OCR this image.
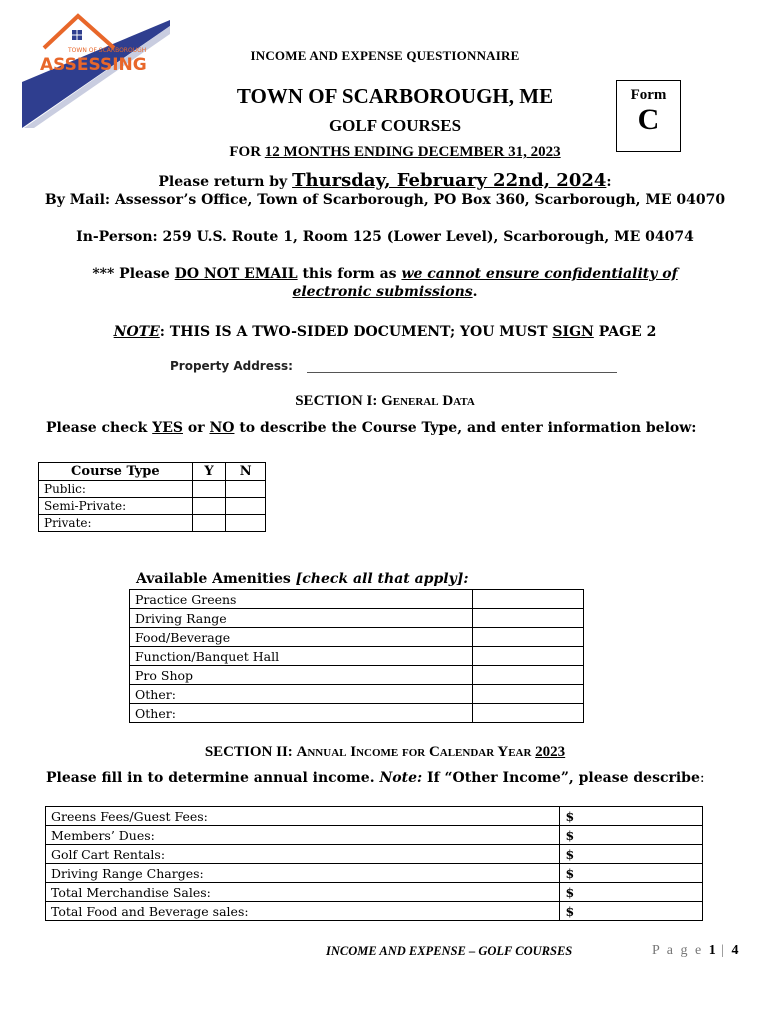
TOWN OF SCARBOROUGH
ASSESSING	INCOME AND EXPENSE QUESTIONNAIRE
TOWN OF SCARBOROUGH, ME
GOLF COURSES
FOR 12 MONTHS ENDING DECEMBER 31, 2023
Form
C
Please return by Thursday, February 22nd, 2024:
By Mail: Assessor’s Office, Town of Scarborough, PO Box 360, Scarborough, ME 04070
In-Person: 259 U.S. Route 1, Room 125 (Lower Level), Scarborough, ME 04074
*** Please DO NOT EMAIL this form as we cannot ensure confidentiality of electronic submissions.
NOTE: THIS IS A TWO-SIDED DOCUMENT; YOU MUST SIGN PAGE 2
Property Address:
SECTION I: General Data
Please check YES or NO to describe the Course Type, and enter information below:
Course Type	Y	N
Public:		
Semi-Private:		
Private:		
Available Amenities [check all that apply]:
Practice Greens	
Driving Range	
Food/Beverage	
Function/Banquet Hall	
Pro Shop	
Other:	
Other:	
SECTION II: Annual Income for Calendar Year 2023
Please fill in to determine annual income. Note: If “Other Income”, please describe:
Greens Fees/Guest Fees:	$
Members’ Dues:	$
Golf Cart Rentals:	$
Driving Range Charges:	$
Total Merchandise Sales:	$
Total Food and Beverage sales:	$
INCOME AND EXPENSE – GOLF COURSES	P a g e 1 | 4
